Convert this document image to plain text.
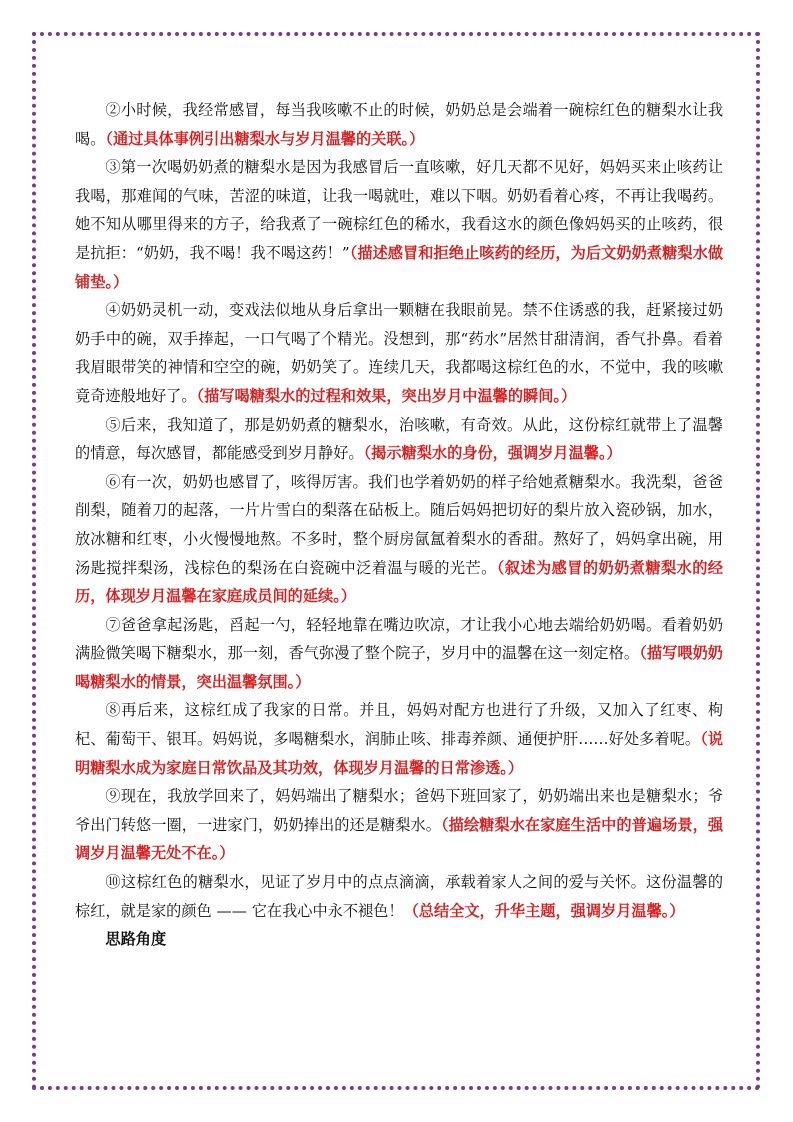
②小时候，我经常感冒，每当我咳嗽不止的时候，奶奶总是会端着一碗棕红色的糖梨水让我喝。（通过具体事例引出糖梨水与岁月温馨的关联。）

③第一次喝奶奶煮的糖梨水是因为我感冒后一直咳嗽，好几天都不见好，妈妈买来止咳药让我喝，那难闻的气味，苦涩的味道，让我一喝就吐，难以下咽。奶奶看着心疼，不再让我喝药。她不知从哪里得来的方子，给我煮了一碗棕红色的稀水，我看这水的颜色像妈妈买的止咳药，很是抗拒：“奶奶，我不喝！我不喝这药！”（描述感冒和拒绝止咳药的经历，为后文奶奶煮糖梨水做铺垫。）

④奶奶灵机一动，变戏法似地从身后拿出一颗糖在我眼前晃。禁不住诱惑的我，赶紧接过奶奶手中的碗，双手捧起，一口气喝了个精光。没想到，那“药水”居然甘甜清润，香气扑鼻。看着我眉眼带笑的神情和空空的碗，奶奶笑了。连续几天，我都喝这棕红色的水，不觉中，我的咳嗽竟奇迹般地好了。（描写喝糖梨水的过程和效果，突出岁月中温馨的瞬间。）

⑤后来，我知道了，那是奶奶煮的糖梨水，治咳嗽，有奇效。从此，这份棕红就带上了温馨的情意，每次感冒，都能感受到岁月静好。（揭示糖梨水的身份，强调岁月温馨。）

⑥有一次，奶奶也感冒了，咳得厉害。我们也学着奶奶的样子给她煮糖梨水。我洗梨，爸爸削梨，随着刀的起落，一片片雪白的梨落在砧板上。随后妈妈把切好的梨片放入瓷砂锅，加水，放冰糖和红枣，小火慢慢地熬。不多时，整个厨房氤氲着梨水的香甜。熬好了，妈妈拿出碗，用汤匙搅拌梨汤，浅棕色的梨汤在白瓷碗中泛着温与暖的光芒。（叙述为感冒的奶奶煮糖梨水的经历，体现岁月温馨在家庭成员间的延续。）

⑦爸爸拿起汤匙，舀起一勺，轻轻地靠在嘴边吹凉，才让我小心地去端给奶奶喝。看着奶奶满脸微笑喝下糖梨水，那一刻，香气弥漫了整个院子，岁月中的温馨在这一刻定格。（描写喂奶奶喝糖梨水的情景，突出温馨氛围。）

⑧再后来，这棕红成了我家的日常。并且，妈妈对配方也进行了升级，又加入了红枣、枸杞、葡萄干、银耳。妈妈说，多喝糖梨水，润肺止咳、排毒养颜、通便护肝……好处多着呢。（说明糖梨水成为家庭日常饮品及其功效，体现岁月温馨的日常渗透。）

⑨现在，我放学回来了，妈妈端出了糖梨水；爸妈下班回家了，奶奶端出来也是糖梨水；爷爷出门转悠一圈，一进家门，奶奶捧出的还是糖梨水。（描绘糖梨水在家庭生活中的普遍场景，强调岁月温馨无处不在。）

⑩这棕红色的糖梨水，见证了岁月中的点点滴滴，承载着家人之间的爱与关怀。这份温馨的棕红，就是家的颜色 —— 它在我心中永不褪色！（总结全文，升华主题，强调岁月温馨。）

思路角度
